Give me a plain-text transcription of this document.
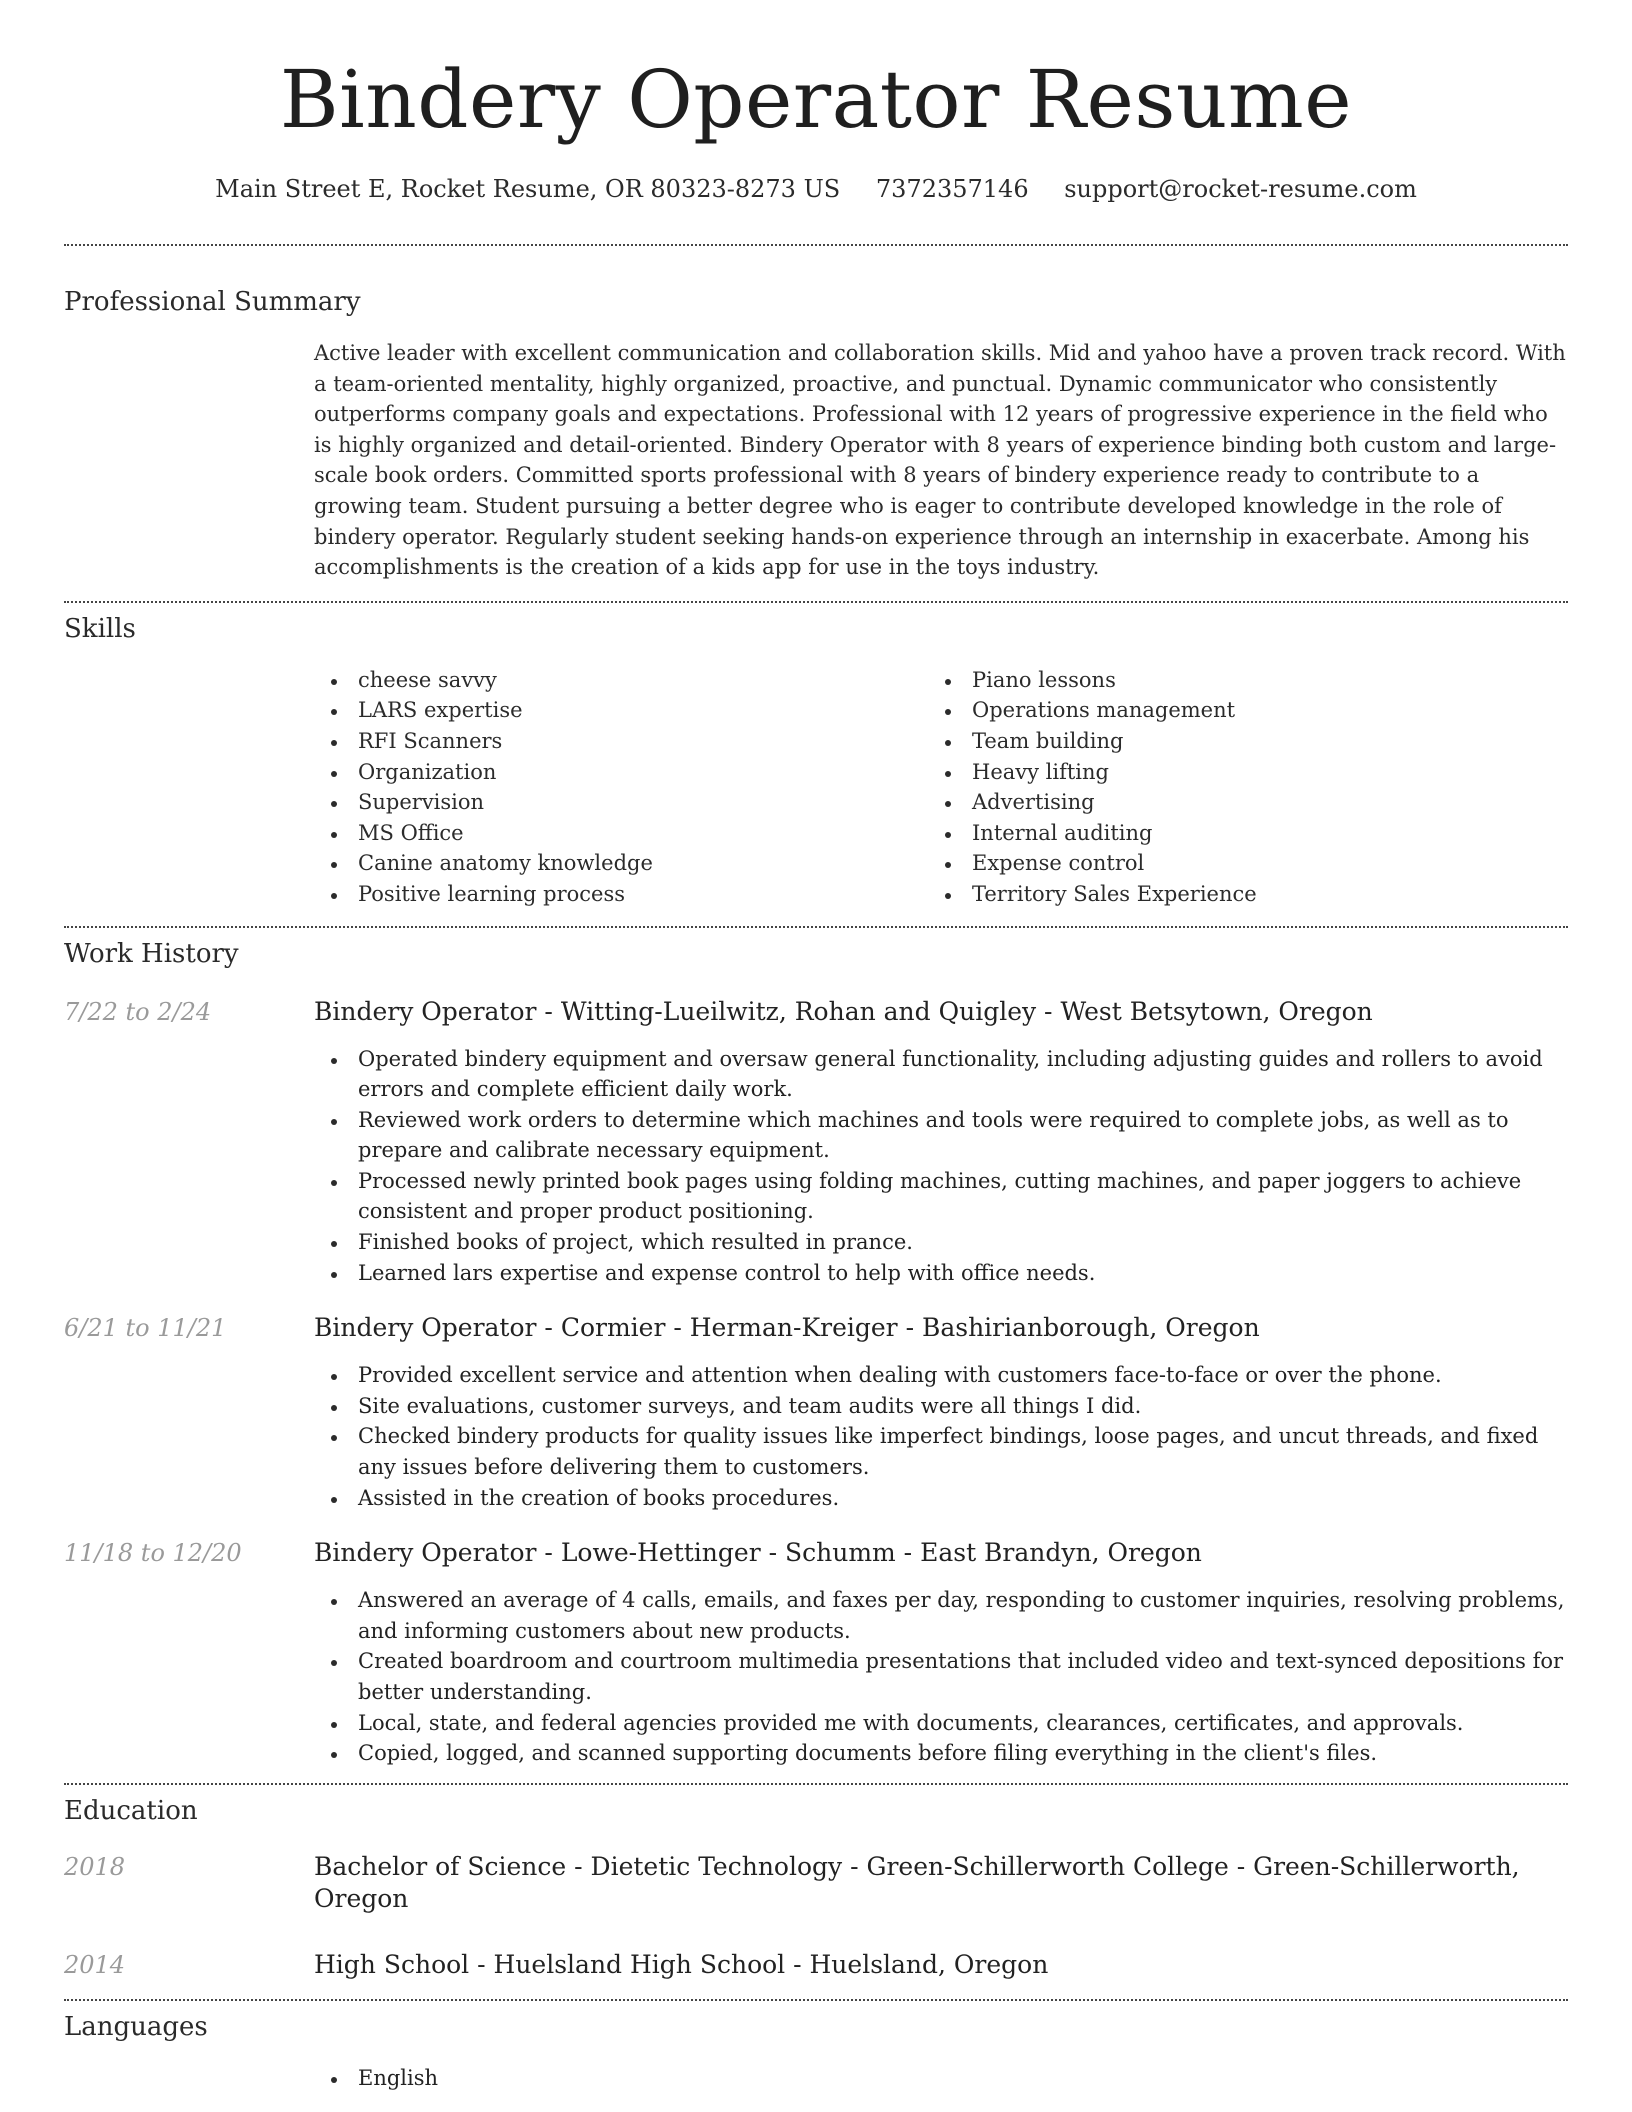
Bindery Operator Resume
Main Street E, Rocket Resume, OR 80323-8273 US 7372357146 support@rocket-resume.com
Professional Summary

Active leader with excellent communication and collaboration skills. Mid and yahoo have a proven track record. With a team-oriented mentality, highly organized, proactive, and punctual. Dynamic communicator who consistently outperforms company goals and expectations. Professional with 12 years of progressive experience in the field who is highly organized and detail-oriented. Bindery Operator with 8 years of experience binding both custom and large-scale book orders. Committed sports professional with 8 years of bindery experience ready to contribute to a growing team. Student pursuing a better degree who is eager to contribute developed knowledge in the role of bindery operator. Regularly student seeking hands-on experience through an internship in exacerbate. Among his accomplishments is the creation of a kids app for use in the toys industry.

Skills
cheese savvy
LARS expertise
RFI Scanners
Organization
Supervision
MS Office
Canine anatomy knowledge
Positive learning process
Piano lessons
Operations management
Team building
Heavy lifting
Advertising
Internal auditing
Expense control
Territory Sales Experience
Work History
7/22 to 2/24	Bindery Operator - Witting-Lueilwitz, Rohan and Quigley - West Betsytown, Oregon
Operated bindery equipment and oversaw general functionality, including adjusting guides and rollers to avoid errors and complete efficient daily work.
Reviewed work orders to determine which machines and tools were required to complete jobs, as well as to prepare and calibrate necessary equipment.
Processed newly printed book pages using folding machines, cutting machines, and paper joggers to achieve consistent and proper product positioning.
Finished books of project, which resulted in prance.
Learned lars expertise and expense control to help with office needs.
6/21 to 11/21	Bindery Operator - Cormier - Herman-Kreiger - Bashirianborough, Oregon
Provided excellent service and attention when dealing with customers face-to-face or over the phone.
Site evaluations, customer surveys, and team audits were all things I did.
Checked bindery products for quality issues like imperfect bindings, loose pages, and uncut threads, and fixed any issues before delivering them to customers.
Assisted in the creation of books procedures.
11/18 to 12/20	Bindery Operator - Lowe-Hettinger - Schumm - East Brandyn, Oregon
Answered an average of 4 calls, emails, and faxes per day, responding to customer inquiries, resolving problems, and informing customers about new products.
Created boardroom and courtroom multimedia presentations that included video and text-synced depositions for better understanding.
Local, state, and federal agencies provided me with documents, clearances, certificates, and approvals.
Copied, logged, and scanned supporting documents before filing everything in the client's files.
Education
2018	Bachelor of Science - Dietetic Technology - Green-Schillerworth College - Green-Schillerworth, Oregon
2014	High School - Huelsland High School - Huelsland, Oregon
Languages
English
